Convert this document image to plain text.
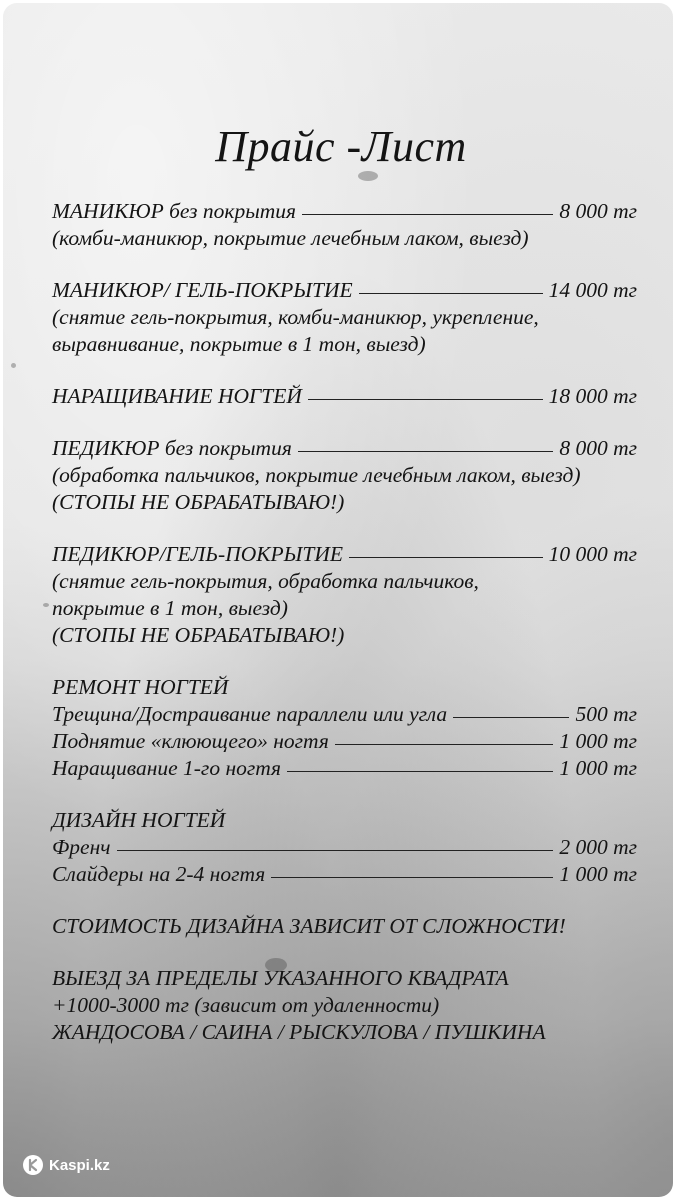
Прайс -Лист
МАНИКЮР без покрытия	8 000 тг
(комби-маникюр, покрытие лечебным лаком, выезд)
МАНИКЮР/ ГЕЛЬ-ПОКРЫТИЕ	14 000 тг
(снятие гель-покрытия, комби-маникюр, укрепление,
выравнивание, покрытие в 1 тон, выезд)
НАРАЩИВАНИЕ НОГТЕЙ	18 000 тг
ПЕДИКЮР без покрытия	8 000 тг
(обработка пальчиков, покрытие лечебным лаком, выезд)
(СТОПЫ НЕ ОБРАБАТЫВАЮ!)
ПЕДИКЮР/ГЕЛЬ-ПОКРЫТИЕ	10 000 тг
(снятие гель-покрытия, обработка пальчиков,
покрытие в 1 тон, выезд)
(СТОПЫ НЕ ОБРАБАТЫВАЮ!)
РЕМОНТ НОГТЕЙ
Трещина/Достраивание параллели или угла	500 тг
Поднятие «клюющего» ногтя	1 000 тг
Наращивание 1-го ногтя	1 000 тг
ДИЗАЙН НОГТЕЙ
Френч	2 000 тг
Слайдеры на 2-4 ногтя	1 000 тг
СТОИМОСТЬ ДИЗАЙНА ЗАВИСИТ ОТ СЛОЖНОСТИ!
ВЫЕЗД ЗА ПРЕДЕЛЫ УКАЗАННОГО КВАДРАТА
+1000-3000 тг (зависит от удаленности)
ЖАНДОСОВА / САИНА / РЫСКУЛОВА / ПУШКИНА
Kaspi.kz
